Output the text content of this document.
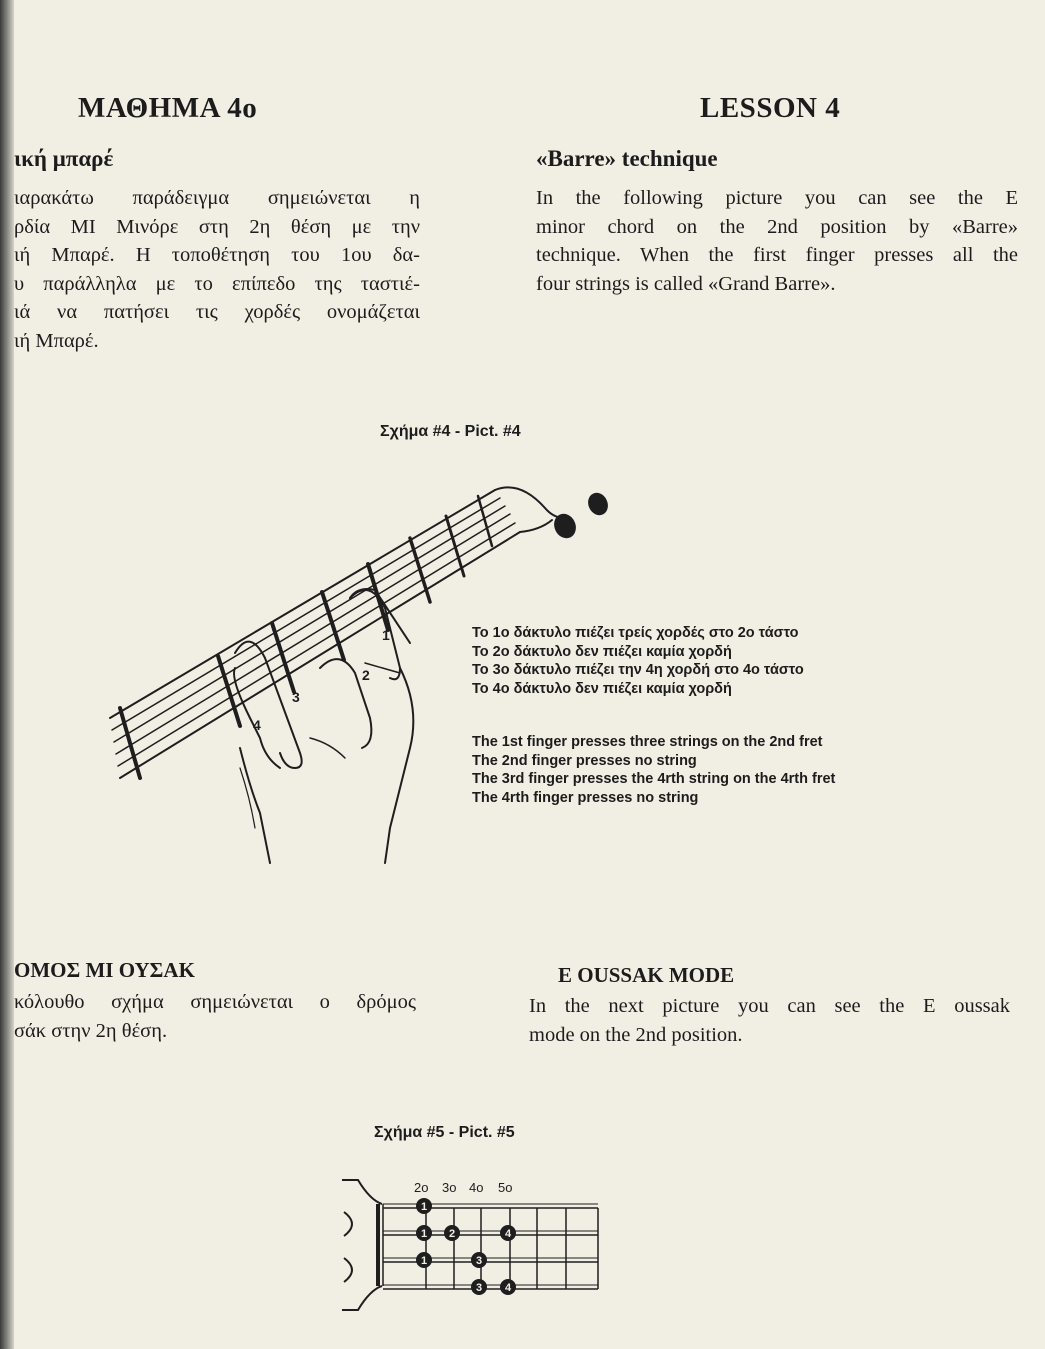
ΜΑΘΗΜΑ 4ο	LESSON 4
ική μπαρέ	«Barre» technique
ιαρακάτω παράδειγμα σημειώνεται η
ρδία ΜΙ Μινόρε στη 2η θέση με την
ιή Μπαρέ. Η τοποθέτηση του 1ου δα-
υ παράλληλα με το επίπεδο της ταστιέ-
ιά να πατήσει τις χορδές ονομάζεται
ιή Μπαρέ.
In the following picture you can see the E
minor chord on the 2nd position by «Barre»
technique. When the first finger presses all the
four strings is called «Grand Barre».
Σχήμα #4 - Pict. #4
1
2
3
4
Το 1ο δάκτυλο πιέζει τρείς χορδές στο 2ο τάστο
Το 2ο δάκτυλο δεν πιέζει καμία χορδή
Το 3ο δάκτυλο πιέζει την 4η χορδή στο 4ο τάστο
Το 4ο δάκτυλο δεν πιέζει καμία χορδή
The 1st finger presses three strings on the 2nd fret
The 2nd finger presses no string
The 3rd finger presses the 4rth string on the 4rth fret
The 4rth finger presses no string
ΟΜΟΣ ΜΙ ΟΥΣΑΚ	E OUSSAK MODE
κόλουθο σχήμα σημειώνεται ο δρόμος
σάκ στην 2η θέση.
In the next picture you can see the E oussak
mode on the 2nd position.
Σχήμα #5 - Pict. #5
2o 3o 4o 5o
1
1 2	4
1	3
3 4
